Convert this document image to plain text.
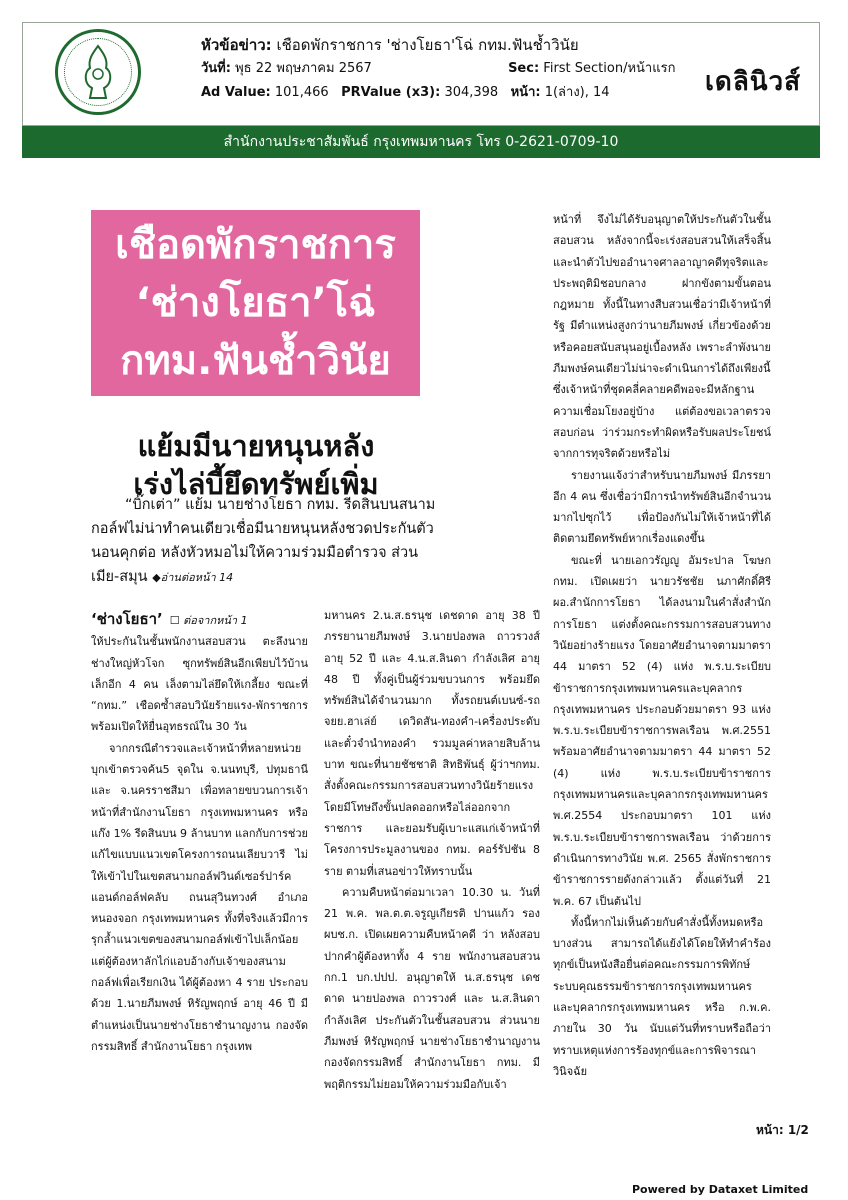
หัวข้อข่าว: เชือดพักราชการ 'ช่างโยธา'โฉ่ กทม.ฟันช้ำวินัย
วันที่: พุธ 22 พฤษภาคม 2567	Sec: First Section/หน้าแรก
Ad Value: 101,466 PRValue (x3): 304,398 หน้า: 1(ล่าง), 14	เดลินิวส์
สำนักงานประชาสัมพันธ์ กรุงเทพมหานคร โทร 0-2621-0709-10
เชือดพักราชการ
‘ช่างโยธา’โฉ่
กทม.ฟันช้ำวินัย
แย้มมีนายหนุนหลัง
เร่งไล่บี้ยึดทรัพย์เพิ่ม
“บิ๊กเต่า” แย้ม นายช่างโยธา กทม. รีดสินบนสนามกอล์ฟไม่น่าทำคนเดียวเชื่อมีนายหนุนหลังชวดประกันตัวนอนคุกต่อ หลังหัวหมอไม่ให้ความร่วมมือตำรวจ ส่วนเมีย-สมุน ◆อ่านต่อหน้า 14

‘ช่างโยธา’ ☐ ต่อจากหน้า 1

ให้ประกันในชั้นพนักงานสอบสวน ตะลึงนายช่างใหญ่หัวโจก ซุกทรัพย์สินอีกเพียบไว้บ้านเล็กอีก 4 คน เล็งตามไล่ยึดให้เกลี้ยง ขณะที่ “กทม.” เชือดซ้ำสอบวินัยร้ายแรง-พักราชการ พร้อมเปิดให้ยื่นอุทธรณ์ใน 30 วัน

จากกรณีตำรวจและเจ้าหน้าที่หลายหน่วย บุกเข้าตรวจค้น5 จุดใน จ.นนทบุรี, ปทุมธานี และ จ.นครราชสีมา เพื่อทลายขบวนการเจ้าหน้าที่สำนักงานโยธา กรุงเทพมหานคร หรือแก๊ง 1% รีดสินบน 9 ล้านบาท แลกกับการช่วยแก้ไขแบบแนวเขตโครงการถนนเลียบวารี ไม่ให้เข้าไปในเขตสนามกอล์ฟวินด์เซอร์ปาร์ค แอนด์กอล์ฟคลับ ถนนสุวินทวงศ์ อำเภอหนองจอก กรุงเทพมหานคร ทั้งที่จริงแล้วมีการรุกล้ำแนวเขตของสนามกอล์ฟเข้าไปเล็กน้อย แต่ผู้ต้องหาลักไก่แอบอ้างกับเจ้าของสนามกอล์ฟเพื่อเรียกเงิน ได้ผู้ต้องหา 4 ราย ประกอบด้วย 1.นายภีมพงษ์ หิรัญพฤกษ์ อายุ 46 ปี มีตำแหน่งเป็นนายช่างโยธาชำนาญงาน กองจัดกรรมสิทธิ์ สำนักงานโยธา กรุงเทพ

มหานคร 2.น.ส.ธรนุช เดชดาด อายุ 38 ปี ภรรยานายภีมพงษ์ 3.นายปองพล ถาวรวงส์ อายุ 52 ปี และ 4.น.ส.ลินดา กำลังเลิศ อายุ 48 ปี ทั้งคู่เป็นผู้ร่วมขบวนการ พร้อมยึดทรัพย์สินได้จำนวนมาก ทั้งรถยนต์เบนซ์-รถ จยย.ฮาเล่ย์ เดวิดสัน-ทองคำ-เครื่องประดับและตั๋วจำนำทองคำ รวมมูลค่าหลายสิบล้านบาท ขณะที่นายชัชชาติ สิทธิพันธุ์ ผู้ว่าฯกทม. สั่งตั้งคณะกรรมการสอบสวนทางวินัยร้ายแรง โดยมีโทษถึงขั้นปลดออกหรือไล่ออกจากราชการ และยอมรับผู้เบาะแสแก่เจ้าหน้าที่โครงการประมูลงานของ กทม. คอร์รัปชัน 8 ราย ตามที่เสนอข่าวให้ทราบนั้น

ความคืบหน้าต่อมาเวลา 10.30 น. วันที่ 21 พ.ค. พล.ต.ต.จรูญเกียรติ ปานแก้ว รอง ผบช.ก. เปิดเผยความคืบหน้าคดี ว่า หลังสอบปากคำผู้ต้องหาทั้ง 4 ราย พนักงานสอบสวน กก.1 บก.ปปป. อนุญาตให้ น.ส.ธรนุช เดชดาด นายปองพล ถาวรวงศ์ และ น.ส.ลินดา กำลังเลิศ ประกันตัวในชั้นสอบสวน ส่วนนายภีมพงษ์ หิรัญพฤกษ์ นายช่างโยธาชำนาญงาน กองจัดกรรมสิทธิ์ สำนักงานโยธา กทม. มีพฤติกรรมไม่ยอมให้ความร่วมมือกับเจ้า

หน้าที่ จึงไม่ได้รับอนุญาตให้ประกันตัวในชั้นสอบสวน หลังจากนี้จะเร่งสอบสวนให้เสร็จสิ้น และนำตัวไปขออำนาจศาลอาญาคดีทุจริตและประพฤติมิชอบกลาง ฝากขังตามขั้นตอนกฎหมาย ทั้งนี้ในทางสืบสวนเชื่อว่ามีเจ้าหน้าที่รัฐ มีตำแหน่งสูงกว่านายภีมพงษ์ เกี่ยวข้องด้วยหรือคอยสนับสนุนอยู่เบื้องหลัง เพราะลำพังนายภีมพงษ์คนเดียวไม่น่าจะดำเนินการได้ถึงเพียงนี้ ซึ่งเจ้าหน้าที่ชุดคลี่คลายคดีพอจะมีหลักฐานความเชื่อมโยงอยู่บ้าง แต่ต้องขอเวลาตรวจสอบก่อน ว่าร่วมกระทำผิดหรือรับผลประโยชน์จากการทุจริตด้วยหรือไม่

รายงานแจ้งว่าสำหรับนายภีมพงษ์ มีภรรยาอีก 4 คน ซึ่งเชื่อว่ามีการนำทรัพย์สินอีกจำนวนมากไปซุกไว้ เพื่อป้องกันไม่ให้เจ้าหน้าที่ได้ติดตามยึดทรัพย์หากเรื่องแดงขึ้น

ขณะที่ นายเอกวรัญญู อัมระปาล โฆษก กทม. เปิดเผยว่า นายวรัชชัย นภาศักดิ์ศิรี ผอ.สำนักการโยธา ได้ลงนามในคำสั่งสำนักการโยธา แต่งตั้งคณะกรรมการสอบสวนทางวินัยอย่างร้ายแรง โดยอาศัยอำนาจตามมาตรา 44 มาตรา 52 (4) แห่ง พ.ร.บ.ระเบียบข้าราชการกรุงเทพมหานครและบุคลากรกรุงเทพมหานคร ประกอบด้วยมาตรา 93 แห่ง พ.ร.บ.ระเบียบข้าราชการพลเรือน พ.ศ.2551 พร้อมอาศัยอำนาจตามมาตรา 44 มาตรา 52 (4) แห่ง พ.ร.บ.ระเบียบข้าราชการกรุงเทพมหานครและบุคลากรกรุงเทพมหานคร พ.ศ.2554 ประกอบมาตรา 101 แห่ง พ.ร.บ.ระเบียบข้าราชการพลเรือน ว่าด้วยการดำเนินการทางวินัย พ.ศ. 2565 สั่งพักราชการข้าราชการรายดังกล่าวแล้ว ตั้งแต่วันที่ 21 พ.ค. 67 เป็นต้นไป

ทั้งนี้หากไม่เห็นด้วยกับคำสั่งนี้ทั้งหมดหรือบางส่วน สามารถได้แย้งได้โดยให้ทำคำร้องทุกข์เป็นหนังสือยื่นต่อคณะกรรมการพิทักษ์ระบบคุณธรรมข้าราชการกรุงเทพมหานคร และบุคลากรกรุงเทพมหานคร หรือ ก.พ.ค. ภายใน 30 วัน นับแต่วันที่ทราบหรือถือว่าทราบเหตุแห่งการร้องทุกข์และการพิจารณาวินิจฉัย

หน้า: 1/2
Powered by Dataxet Limited
